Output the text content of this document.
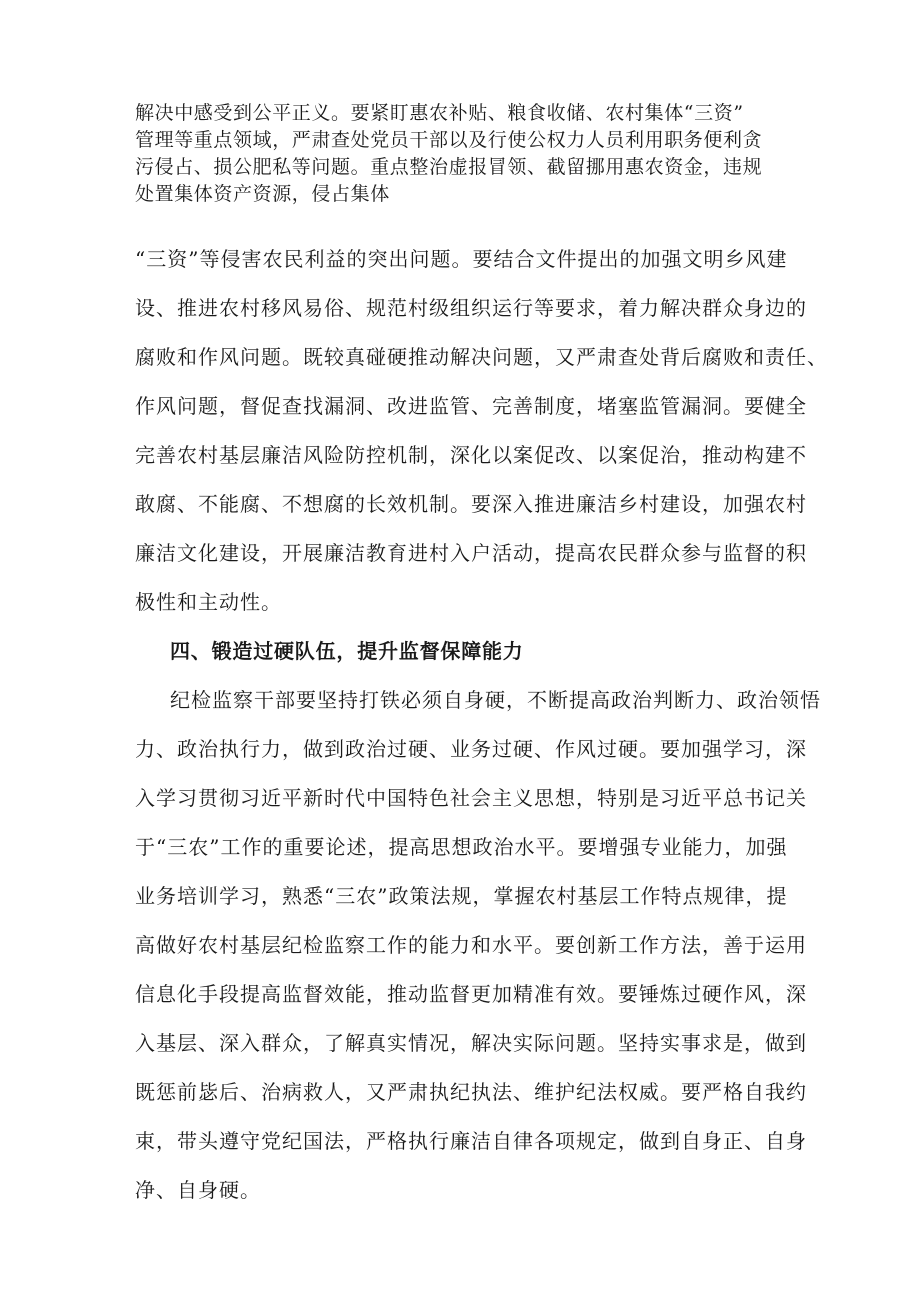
解决中感受到公平正义。要紧盯惠农补贴、粮食收储、农村集体“三资”
管理等重点领域，严肃查处党员干部以及行使公权力人员利用职务便利贪
污侵占、损公肥私等问题。重点整治虚报冒领、截留挪用惠农资金，违规
处置集体资产资源，侵占集体
“三资”等侵害农民利益的突出问题。要结合文件提出的加强文明乡风建
设、推进农村移风易俗、规范村级组织运行等要求，着力解决群众身边的
腐败和作风问题。既较真碰硬推动解决问题，又严肃查处背后腐败和责任、
作风问题，督促查找漏洞、改进监管、完善制度，堵塞监管漏洞。要健全
完善农村基层廉洁风险防控机制，深化以案促改、以案促治，推动构建不
敢腐、不能腐、不想腐的长效机制。要深入推进廉洁乡村建设，加强农村
廉洁文化建设，开展廉洁教育进村入户活动，提高农民群众参与监督的积
极性和主动性。
四、锻造过硬队伍，提升监督保障能力
纪检监察干部要坚持打铁必须自身硬，不断提高政治判断力、政治领悟
力、政治执行力，做到政治过硬、业务过硬、作风过硬。要加强学习，深
入学习贯彻习近平新时代中国特色社会主义思想，特别是习近平总书记关
于“三农”工作的重要论述，提高思想政治水平。要增强专业能力，加强
业务培训学习，熟悉“三农”政策法规，掌握农村基层工作特点规律，提
高做好农村基层纪检监察工作的能力和水平。要创新工作方法，善于运用
信息化手段提高监督效能，推动监督更加精准有效。要锤炼过硬作风，深
入基层、深入群众，了解真实情况，解决实际问题。坚持实事求是，做到
既惩前毖后、治病救人，又严肃执纪执法、维护纪法权威。要严格自我约
束，带头遵守党纪国法，严格执行廉洁自律各项规定，做到自身正、自身
净、自身硬。
